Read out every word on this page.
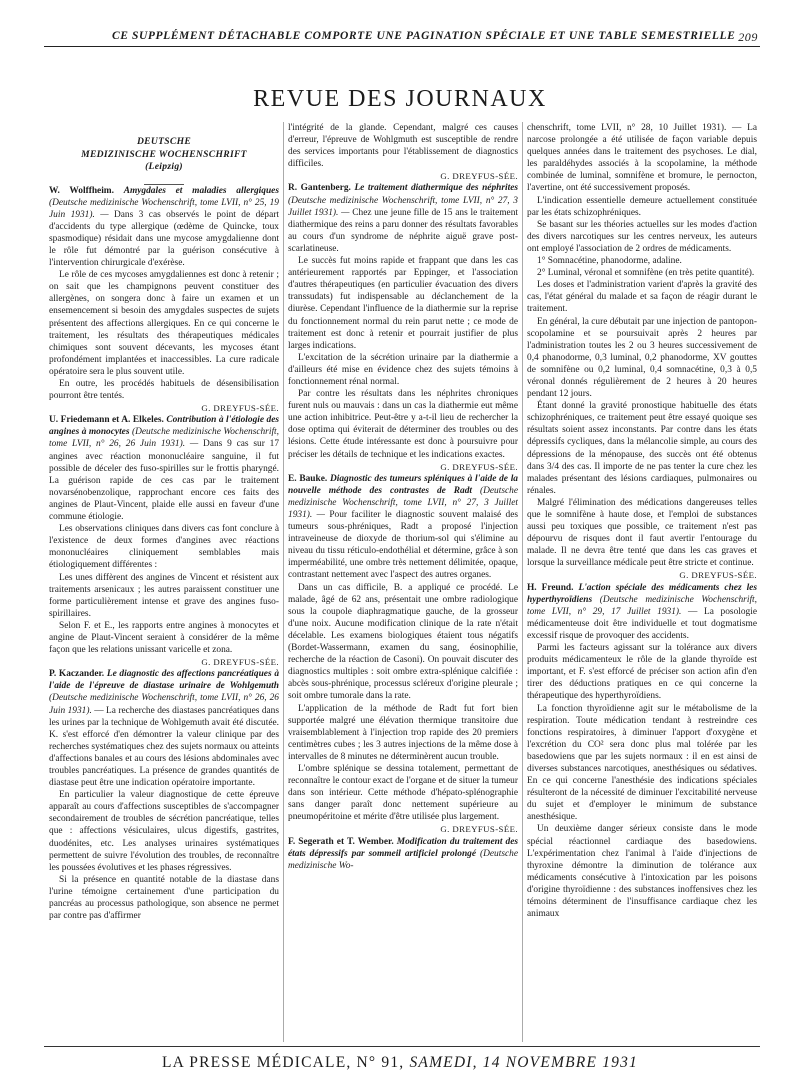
CE SUPPLÉMENT DÉTACHABLE COMPORTE UNE PAGINATION SPÉCIALE ET UNE TABLE SEMESTRIELLE 209
REVUE DES JOURNAUX
DEUTSCHE
MEDIZINISCHE WOCHENSCHRIFT
(Leipzig)

W. Wolffheim. Amygdales et maladies allergiques (Deutsche medizinische Wochenschrift, tome LVII, n° 25, 19 Juin 1931). — Dans 3 cas observés le point de départ d'accidents du type allergique (œdème de Quincke, toux spasmodique) résidait dans une mycose amygdalienne dont le rôle fut démontré par la guérison consécutive à l'intervention chirurgicale d'exérèse.

Le rôle de ces mycoses amygdaliennes est donc à retenir ; on sait que les champignons peuvent constituer des allergènes, on songera donc à faire un examen et un ensemencement si besoin des amygdales suspectes de sujets présentent des affections allergiques. En ce qui concerne le traitement, les résultats des thérapeutiques médicales chimiques sont souvent décevants, les mycoses étant profondément implantées et inaccessibles. La cure radicale opératoire sera le plus souvent utile.

En outre, les procédés habituels de désensibilisation pourront être tentés.

G. DREYFUS-SÉE.

U. Friedemann et A. Elkeles. Contribution à l'étiologie des angines à monocytes (Deutsche medizinische Wochenschrift, tome LVII, n° 26, 26 Juin 1931). — Dans 9 cas sur 17 angines avec réaction mononucléaire sanguine, il fut possible de déceler des fuso-spirilles sur le frottis pharyngé. La guérison rapide de ces cas par le traitement novarsénobenzolique, rapprochant encore ces faits des angines de Plaut-Vincent, plaide elle aussi en faveur d'une commune étiologie.

Les observations cliniques dans divers cas font conclure à l'existence de deux formes d'angines avec réactions mononucléaires cliniquement semblables mais étiologiquement différentes :

Les unes diffèrent des angines de Vincent et résistent aux traitements arsenicaux ; les autres paraissent constituer une forme particulièrement intense et grave des angines fuso-spirillaires.

Selon F. et E., les rapports entre angines à monocytes et angine de Plaut-Vincent seraient à considérer de la même façon que les relations unissant varicelle et zona.

G. DREYFUS-SÉE.

P. Kaczander. Le diagnostic des affections pancréatiques à l'aide de l'épreuve de diastase urinaire de Wohlgemuth (Deutsche medizinische Wochenschrift, tome LVII, n° 26, 26 Juin 1931). — La recherche des diastases pancréatiques dans les urines par la technique de Wohlgemuth avait été discutée. K. s'est efforcé d'en démontrer la valeur clinique par des recherches systématiques chez des sujets normaux ou atteints d'affections banales et au cours des lésions abdominales avec troubles pancréatiques. La présence de grandes quantités de diastase peut être une indication opératoire importante.

En particulier la valeur diagnostique de cette épreuve apparaît au cours d'affections susceptibles de s'accompagner secondairement de troubles de sécrétion pancréatique, telles que : affections vésiculaires, ulcus digestifs, gastrites, duodénites, etc. Les analyses urinaires systématiques permettent de suivre l'évolution des troubles, de reconnaître les poussées évolutives et les phases régressives.

Si la présence en quantité notable de la diastase dans l'urine témoigne certainement d'une participation du pancréas au processus pathologique, son absence ne permet par contre pas d'affirmer

l'intégrité de la glande. Cependant, malgré ces causes d'erreur, l'épreuve de Wohlgmuth est susceptible de rendre des services importants pour l'établissement de diagnostics difficiles.

G. DREYFUS-SÉE.

R. Gantenberg. Le traitement diathermique des néphrites (Deutsche medizinische Wochenschrift, tome LVII, n° 27, 3 Juillet 1931). — Chez une jeune fille de 15 ans le traitement diathermique des reins a paru donner des résultats favorables au cours d'un syndrome de néphrite aiguë grave post-scarlatineuse.

Le succès fut moins rapide et frappant que dans les cas antérieurement rapportés par Eppinger, et l'association d'autres thérapeutiques (en particulier évacuation des divers transsudats) fut indispensable au déclanchement de la diurèse. Cependant l'influence de la diathermie sur la reprise du fonctionnement normal du rein parut nette ; ce mode de traitement est donc à retenir et pourrait justifier de plus larges indications.

L'excitation de la sécrétion urinaire par la diathermie a d'ailleurs été mise en évidence chez des sujets témoins à fonctionnement rénal normal.

Par contre les résultats dans les néphrites chroniques furent nuls ou mauvais : dans un cas la diathermie eut même une action inhibitrice. Peut-être y a-t-il lieu de rechercher la dose optima qui éviterait de déterminer des troubles ou des lésions. Cette étude intéressante est donc à poursuivre pour préciser les détails de technique et les indications exactes.

G. DREYFUS-SÉE.

E. Bauke. Diagnostic des tumeurs spléniques à l'aide de la nouvelle méthode des contrastes de Radt (Deutsche medizinische Wochenschrift, tome LVII, n° 27, 3 Juillet 1931). — Pour faciliter le diagnostic souvent malaisé des tumeurs sous-phréniques, Radt a proposé l'injection intraveineuse de dioxyde de thorium-sol qui s'élimine au niveau du tissu réticulo-endothélial et détermine, grâce à son imperméabilité, une ombre très nettement délimitée, opaque, contrastant nettement avec l'aspect des autres organes.

Dans un cas difficile, B. a appliqué ce procédé. Le malade, âgé de 62 ans, présentait une ombre radiologique sous la coupole diaphragmatique gauche, de la grosseur d'une noix. Aucune modification clinique de la rate n'était décelable. Les examens biologiques étaient tous négatifs (Bordet-Wassermann, examen du sang, éosinophilie, recherche de la réaction de Casoni). On pouvait discuter des diagnostics multiples : soit ombre extra-splénique calcifiée : abcès sous-phrénique, processus scléreux d'origine pleurale ; soit ombre tumorale dans la rate.

L'application de la méthode de Radt fut fort bien supportée malgré une élévation thermique transitoire due vraisemblablement à l'injection trop rapide des 20 premiers centimètres cubes ; les 3 autres injections de la même dose à intervalles de 8 minutes ne déterminèrent aucun trouble.

L'ombre splénique se dessina totalement, permettant de reconnaître le contour exact de l'organe et de situer la tumeur dans son intérieur. Cette méthode d'hépato-splénographie sans danger paraît donc nettement supérieure au pneumopéritoine et mérite d'être utilisée plus largement.

G. DREYFUS-SÉE.

F. Segerath et T. Wember. Modification du traitement des états dépressifs par sommeil artificiel prolongé (Deutsche medizinische Wo-

chenschrift, tome LVII, n° 28, 10 Juillet 1931). — La narcose prolongée a été utilisée de façon variable depuis quelques années dans le traitement des psychoses. Le dial, les paraldéhydes associés à la scopolamine, la méthode combinée de luminal, somnifène et bromure, le pernocton, l'avertine, ont été successivement proposés.

L'indication essentielle demeure actuellement constituée par les états schizophréniques.

Se basant sur les théories actuelles sur les modes d'action des divers narcotiques sur les centres nerveux, les auteurs ont employé l'association de 2 ordres de médicaments.

1° Somnacétine, phanodorme, adaline.

2° Luminal, véronal et somnifène (en très petite quantité).

Les doses et l'administration varient d'après la gravité des cas, l'état général du malade et sa façon de réagir durant le traitement.

En général, la cure débutait par une injection de pantopon-scopolamine et se poursuivait après 2 heures par l'administration toutes les 2 ou 3 heures successivement de 0,4 phanodorme, 0,3 luminal, 0,2 phanodorme, XV gouttes de somnifène ou 0,2 luminal, 0,4 somnacétine, 0,3 à 0,5 véronal donnés régulièrement de 2 heures à 20 heures pendant 12 jours.

Étant donné la gravité pronostique habituelle des états schizophréniques, ce traitement peut être essayé quoique ses résultats soient assez inconstants. Par contre dans les états dépressifs cycliques, dans la mélancolie simple, au cours des dépressions de la ménopause, des succès ont été obtenus dans 3/4 des cas. Il importe de ne pas tenter la cure chez les malades présentant des lésions cardiaques, pulmonaires ou rénales.

Malgré l'élimination des médications dangereuses telles que le somnifène à haute dose, et l'emploi de substances aussi peu toxiques que possible, ce traitement n'est pas dépourvu de risques dont il faut avertir l'entourage du malade. Il ne devra être tenté que dans les cas graves et lorsque la surveillance médicale peut être stricte et continue.

G. DREYFUS-SÉE.

H. Freund. L'action spéciale des médicaments chez les hyperthyroïdiens (Deutsche medizinische Wochenschrift, tome LVII, n° 29, 17 Juillet 1931). — La posologie médicamenteuse doit être individuelle et tout dogmatisme excessif risque de provoquer des accidents.

Parmi les facteurs agissant sur la tolérance aux divers produits médicamenteux le rôle de la glande thyroïde est important, et F. s'est efforcé de préciser son action afin d'en tirer des déductions pratiques en ce qui concerne la thérapeutique des hyperthyroïdiens.

La fonction thyroïdienne agit sur le métabolisme de la respiration. Toute médication tendant à restreindre ces fonctions respiratoires, à diminuer l'apport d'oxygène et l'excrétion du CO² sera donc plus mal tolérée par les basedowiens que par les sujets normaux : il en est ainsi de diverses substances narcotiques, anesthésiques ou sédatives. En ce qui concerne l'anesthésie des indications spéciales résulteront de la nécessité de diminuer l'excitabilité nerveuse du sujet et d'employer le minimum de substance anesthésique.

Un deuxième danger sérieux consiste dans le mode spécial réactionnel cardiaque des basedowiens. L'expérimentation chez l'animal à l'aide d'injections de thyroxine démontre la diminution de tolérance aux médicaments consécutive à l'intoxication par les poisons d'origine thyroïdienne : des substances inoffensives chez les témoins déterminent de l'insuffisance cardiaque chez les animaux

LA PRESSE MÉDICALE, N° 91, SAMEDI, 14 NOVEMBRE 1931
